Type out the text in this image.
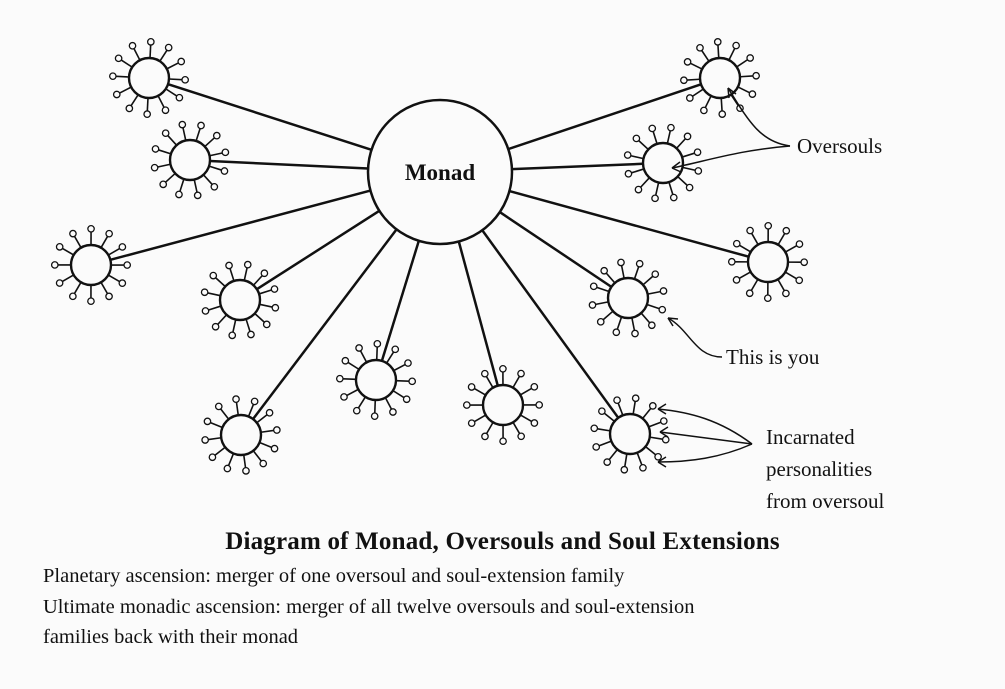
Monad
Oversouls
This is you
Incarnated
personalities
from oversoul
Diagram of Monad, Oversouls and Soul Extensions
Planetary ascension: merger of one oversoul and soul-extension family
Ultimate monadic ascension: merger of all twelve oversouls and soul-extension
families back with their monad
